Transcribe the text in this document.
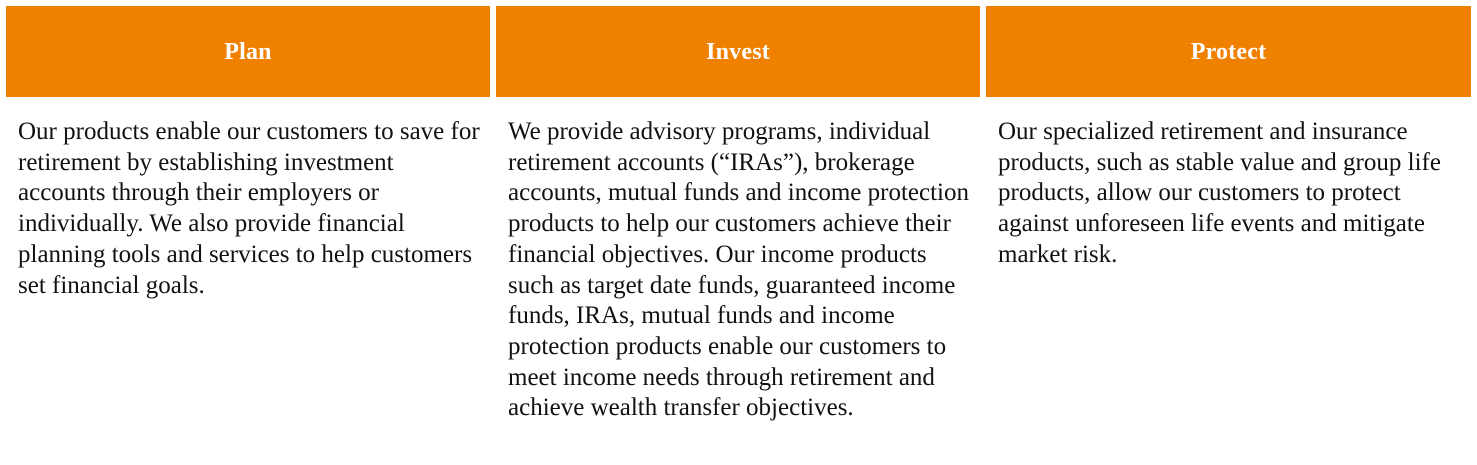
Plan

Our products enable our customers to save for retirement by establishing investment accounts through their employers or individually. We also provide financial planning tools and services to help customers set financial goals.

Invest

We provide advisory programs, individual retirement accounts (“IRAs”), brokerage accounts, mutual funds and income protection products to help our customers achieve their financial objectives. Our income products such as target date funds, guaranteed income funds, IRAs, mutual funds and income protection products enable our customers to meet income needs through retirement and achieve wealth transfer objectives.

Protect

Our specialized retirement and insurance products, such as stable value and group life products, allow our customers to protect against unforeseen life events and mitigate market risk.
